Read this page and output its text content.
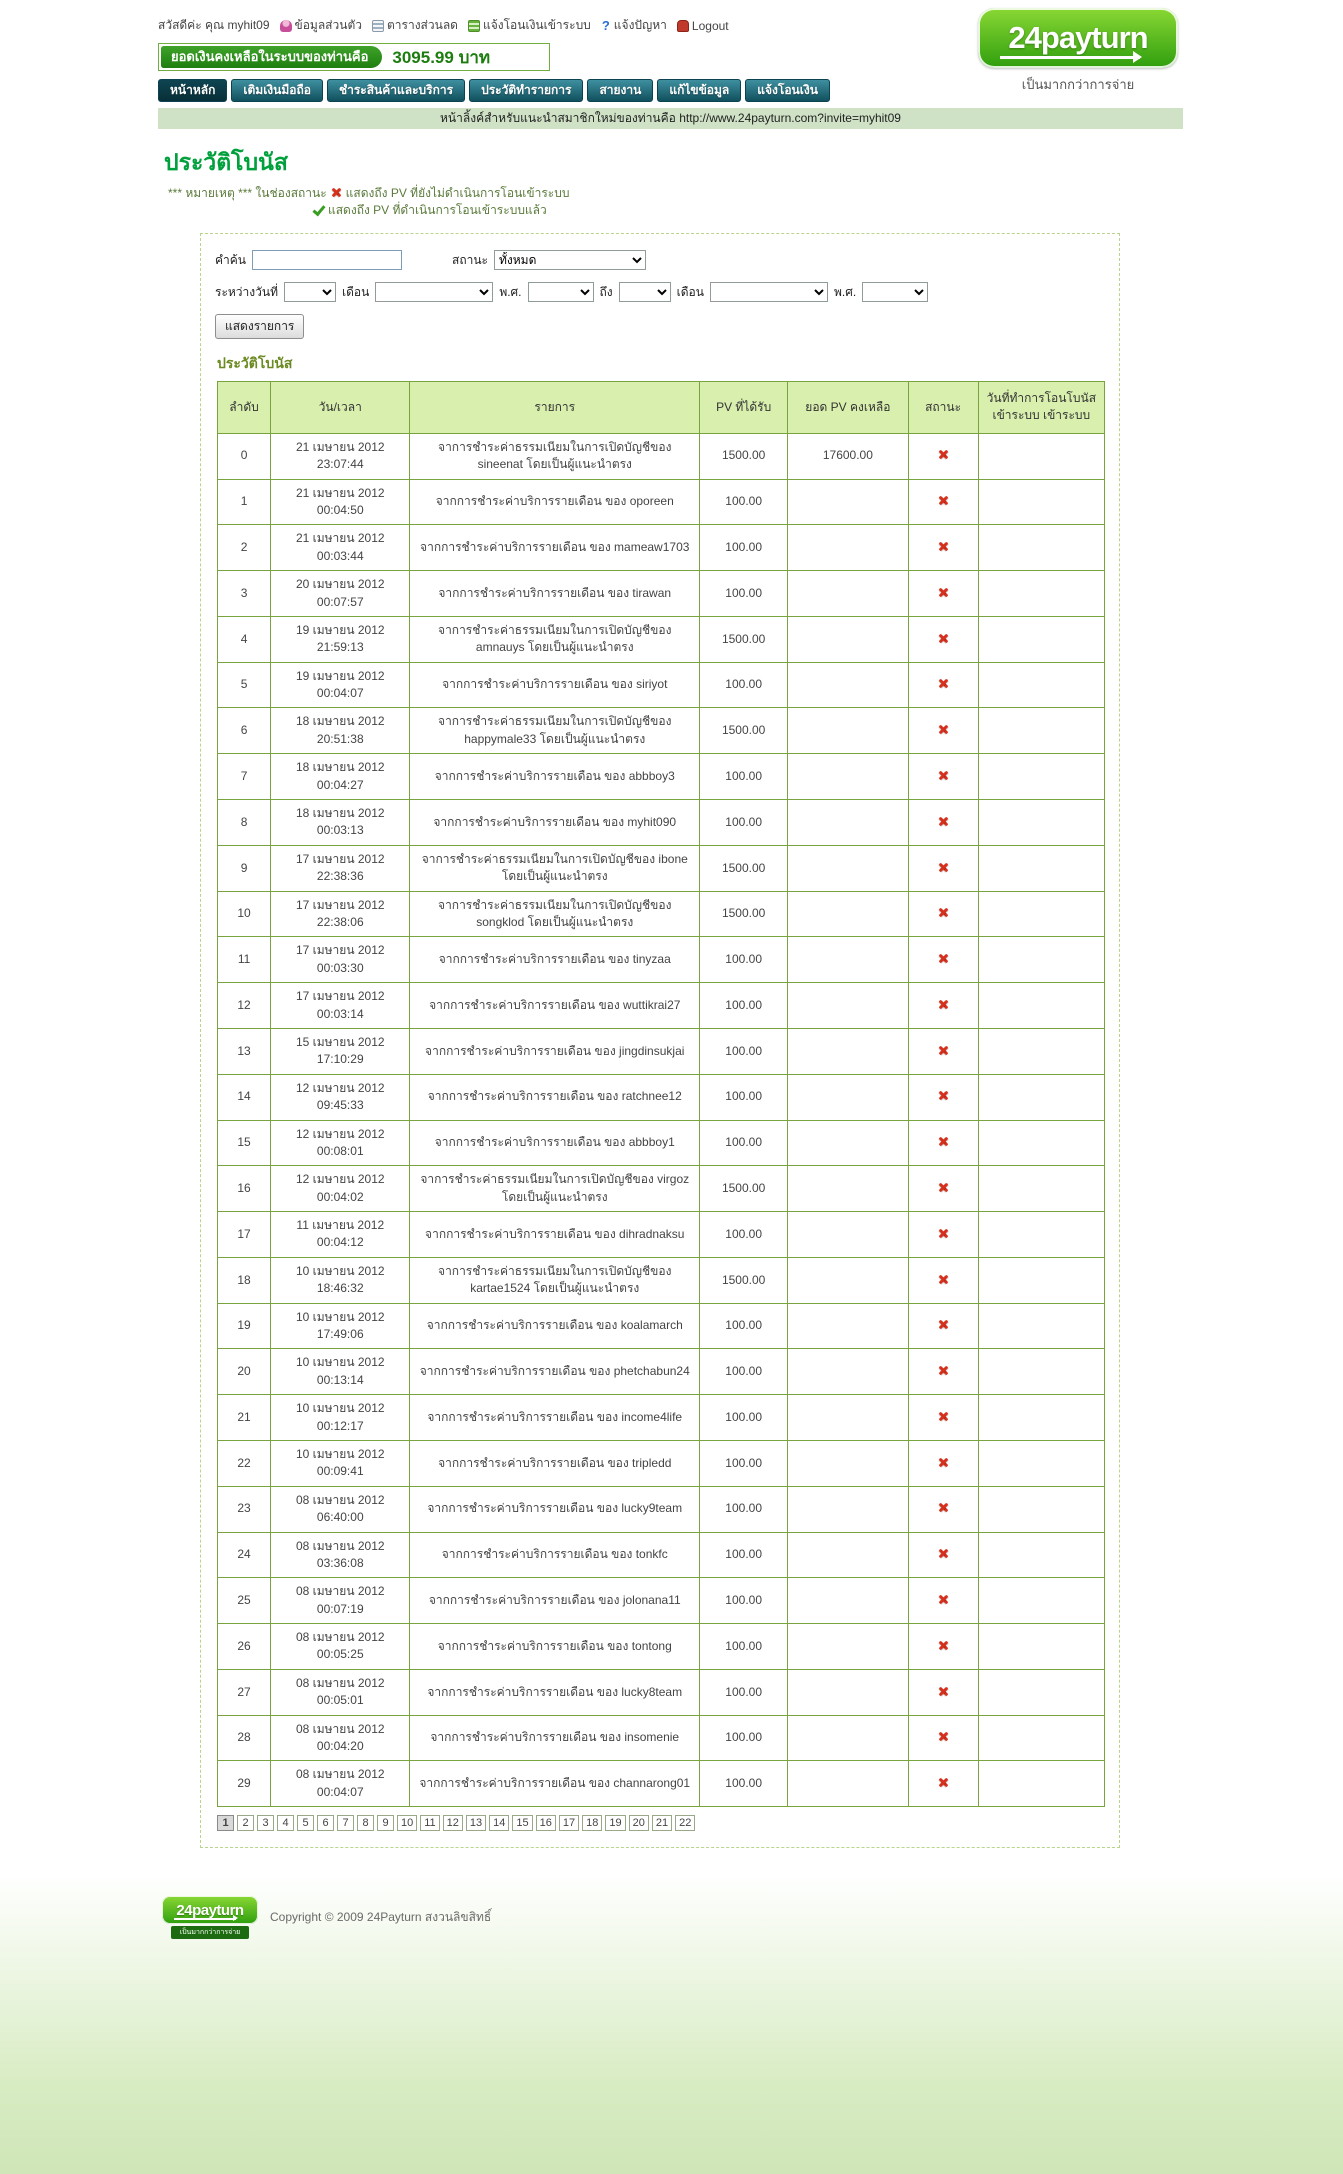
สวัสดีค่ะ คุณ myhit09 ข้อมูลส่วนตัว ตารางส่วนลด แจ้งโอนเงินเข้าระบบ ? แจ้งปัญหา Logout
ยอดเงินคงเหลือในระบบของท่านคือ	3095.99 บาท
หน้าหลัก	เติมเงินมือถือ	ชำระสินค้าและบริการ	ประวัติทำรายการ	สายงาน	แก้ไขข้อมูล	แจ้งโอนเงิน
24payturn
เป็นมากกว่าการจ่าย
หน้าลิ้งค์สำหรับแนะนำสมาชิกใหม่ของท่านคือ http://www.24payturn.com?invite=myhit09
ประวัติโบนัส
*** หมายเหตุ *** ในช่องสถานะ แสดงถึง PV ที่ยังไม่ดำเนินการโอนเข้าระบบ
แสดงถึง PV ที่ดำเนินการโอนเข้าระบบแล้ว
คำค้น	สถานะ
ทั้งหมด
ระหว่างวันที่	เดือน	พ.ศ.	ถึง	เดือน	พ.ศ.
แสดงรายการ
ประวัติโบนัส
ลำดับ	วัน/เวลา	รายการ	PV ที่ได้รับ	ยอด PV คงเหลือ	สถานะ	วันที่ทำการโอนโบนัส เข้าระบบ เข้าระบบ
0	21 เมษายน 2012
23:07:44	จาการชำระค่าธรรมเนียมในการเปิดบัญชีของ sineenat โดยเป็นผู้แนะนำตรง	1500.00	17600.00		
1	21 เมษายน 2012
00:04:50	จากการชำระค่าบริการรายเดือน ของ oporeen	100.00			
2	21 เมษายน 2012
00:03:44	จากการชำระค่าบริการรายเดือน ของ mameaw1703	100.00			
3	20 เมษายน 2012
00:07:57	จากการชำระค่าบริการรายเดือน ของ tirawan	100.00			
4	19 เมษายน 2012
21:59:13	จาการชำระค่าธรรมเนียมในการเปิดบัญชีของ amnauys โดยเป็นผู้แนะนำตรง	1500.00			
5	19 เมษายน 2012
00:04:07	จากการชำระค่าบริการรายเดือน ของ siriyot	100.00			
6	18 เมษายน 2012
20:51:38	จาการชำระค่าธรรมเนียมในการเปิดบัญชีของ happymale33 โดยเป็นผู้แนะนำตรง	1500.00			
7	18 เมษายน 2012
00:04:27	จากการชำระค่าบริการรายเดือน ของ abbboy3	100.00			
8	18 เมษายน 2012
00:03:13	จากการชำระค่าบริการรายเดือน ของ myhit090	100.00			
9	17 เมษายน 2012
22:38:36	จาการชำระค่าธรรมเนียมในการเปิดบัญชีของ ibone โดยเป็นผู้แนะนำตรง	1500.00			
10	17 เมษายน 2012
22:38:06	จาการชำระค่าธรรมเนียมในการเปิดบัญชีของ songklod โดยเป็นผู้แนะนำตรง	1500.00			
11	17 เมษายน 2012
00:03:30	จากการชำระค่าบริการรายเดือน ของ tinyzaa	100.00			
12	17 เมษายน 2012
00:03:14	จากการชำระค่าบริการรายเดือน ของ wuttikrai27	100.00			
13	15 เมษายน 2012
17:10:29	จากการชำระค่าบริการรายเดือน ของ jingdinsukjai	100.00			
14	12 เมษายน 2012
09:45:33	จากการชำระค่าบริการรายเดือน ของ ratchnee12	100.00			
15	12 เมษายน 2012
00:08:01	จากการชำระค่าบริการรายเดือน ของ abbboy1	100.00			
16	12 เมษายน 2012
00:04:02	จาการชำระค่าธรรมเนียมในการเปิดบัญชีของ virgoz โดยเป็นผู้แนะนำตรง	1500.00			
17	11 เมษายน 2012
00:04:12	จากการชำระค่าบริการรายเดือน ของ dihradnaksu	100.00			
18	10 เมษายน 2012
18:46:32	จาการชำระค่าธรรมเนียมในการเปิดบัญชีของ kartae1524 โดยเป็นผู้แนะนำตรง	1500.00			
19	10 เมษายน 2012
17:49:06	จากการชำระค่าบริการรายเดือน ของ koalamarch	100.00			
20	10 เมษายน 2012
00:13:14	จากการชำระค่าบริการรายเดือน ของ phetchabun24	100.00			
21	10 เมษายน 2012
00:12:17	จากการชำระค่าบริการรายเดือน ของ income4life	100.00			
22	10 เมษายน 2012
00:09:41	จากการชำระค่าบริการรายเดือน ของ tripledd	100.00			
23	08 เมษายน 2012
06:40:00	จากการชำระค่าบริการรายเดือน ของ lucky9team	100.00			
24	08 เมษายน 2012
03:36:08	จากการชำระค่าบริการรายเดือน ของ tonkfc	100.00			
25	08 เมษายน 2012
00:07:19	จากการชำระค่าบริการรายเดือน ของ jolonana11	100.00			
26	08 เมษายน 2012
00:05:25	จากการชำระค่าบริการรายเดือน ของ tontong	100.00			
27	08 เมษายน 2012
00:05:01	จากการชำระค่าบริการรายเดือน ของ lucky8team	100.00			
28	08 เมษายน 2012
00:04:20	จากการชำระค่าบริการรายเดือน ของ insomenie	100.00			
29	08 เมษายน 2012
00:04:07	จากการชำระค่าบริการรายเดือน ของ channarong01	100.00			
1	2	3	4	5	6	7	8	9	10	11	12	13	14	15	16	17	18	19	20	21	22
24payturn
เป็นมากกว่าการจ่าย
Copyright © 2009 24Payturn สงวนลิขสิทธิ์
